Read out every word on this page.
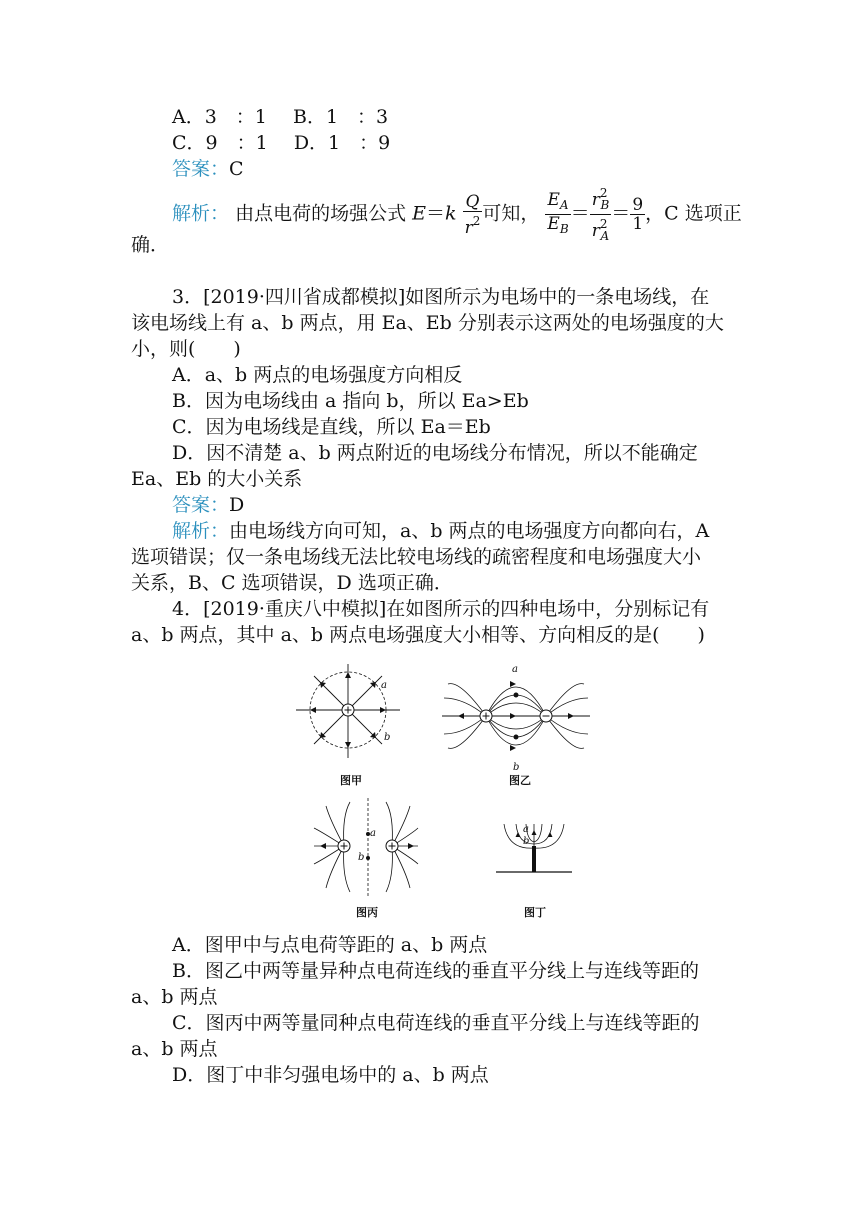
A．3　：1 B．1　：3
C．9　：1 D．1　：9
答案：C
解析： 由点电荷的场强公式 $E=k \frac{Q}{r^2}$ 可知， $\frac{E_A}{E_B} = \frac{r^2_B}{r^2_A} = \frac{9}{1}$ ，C 选项正
确．
3．[2019·四川省成都模拟]如图所示为电场中的一条电场线，在
该电场线上有 a、b 两点，用 Ea、Eb 分别表示这两处的电场强度的大
小，则(　　)
A．a、b 两点的电场强度方向相反
B．因为电场线由 a 指向 b，所以 Ea>Eb
C．因为电场线是直线，所以 Ea＝Eb
D．因不清楚 a、b 两点附近的电场线分布情况，所以不能确定
Ea、Eb 的大小关系
答案：D
解析：由电场线方向可知，a、b 两点的电场强度方向都向右，A
选项错误；仅一条电场线无法比较电场线的疏密程度和电场强度大小
关系，B、C 选项错误，D 选项正确．
4．[2019·重庆八中模拟]在如图所示的四种电场中，分别标记有
a、b 两点，其中 a、b 两点电场强度大小相等、方向相反的是(　　)
a
b
图甲
a
b
图乙
a
b
图丙
a
b
图丁
A．图甲中与点电荷等距的 a、b 两点
B．图乙中两等量异种点电荷连线的垂直平分线上与连线等距的
a、b 两点
C．图丙中两等量同种点电荷连线的垂直平分线上与连线等距的
a、b 两点
D．图丁中非匀强电场中的 a、b 两点
